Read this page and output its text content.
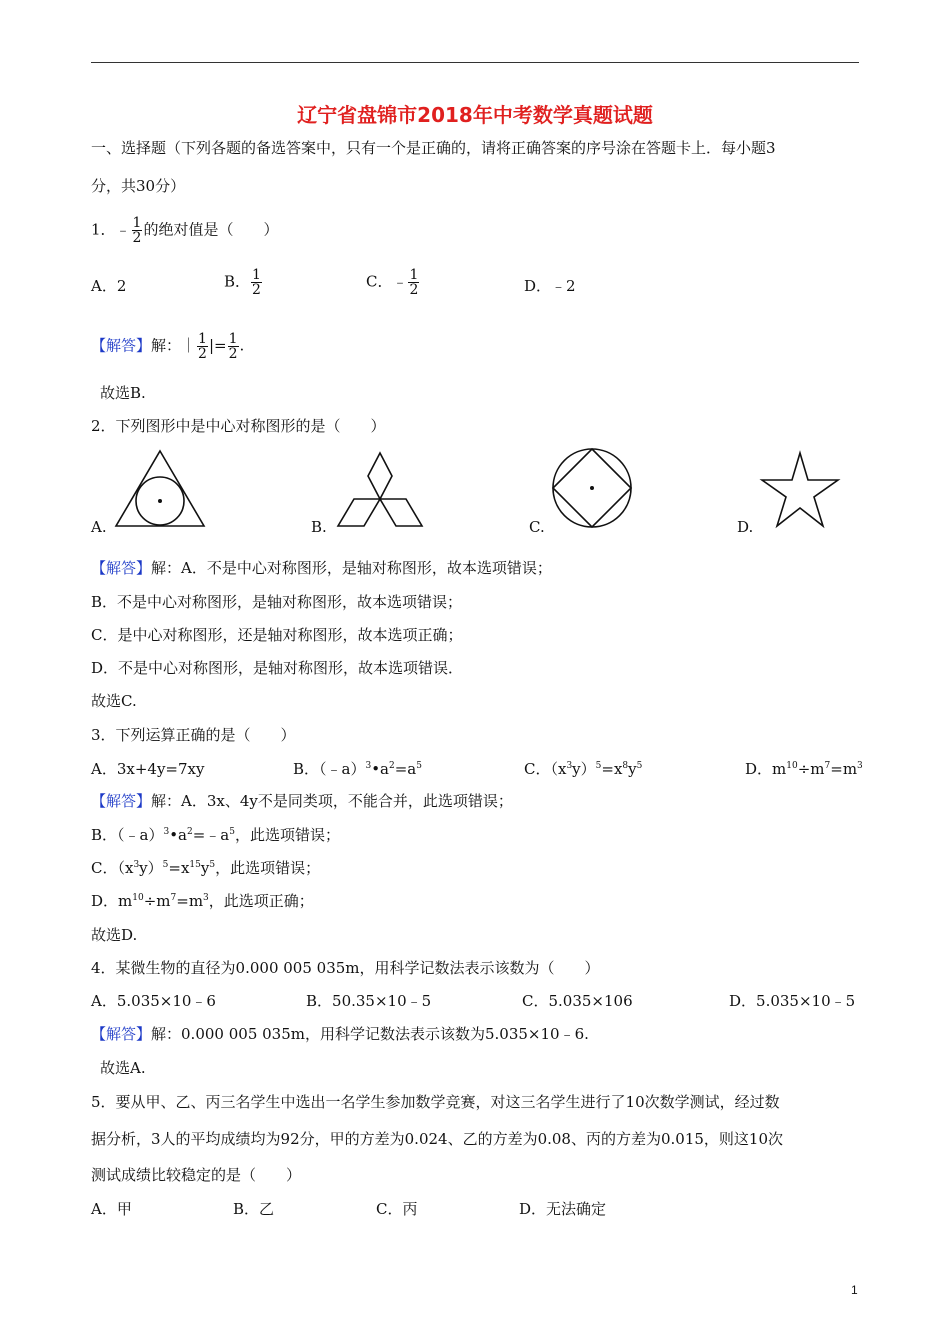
辽宁省盘锦市2018年中考数学真题试题
一、选择题（下列各题的备选答案中，只有一个是正确的，请将正确答案的序号涂在答题卡上．每小题3
分，共30分）
1．﹣ $\frac{1}{2}$ 的绝对值是（　　）
A．2	B． $\frac{1}{2}$	C．﹣ $\frac{1}{2}$	D．﹣2
【解答】解：｜ $\frac{1}{2}$ |= $\frac{1}{2}$ .
故选B.
2．下列图形中是中心对称图形的是（　　）
A.	B.	C.	D.
【解答】解：A．不是中心对称图形，是轴对称图形，故本选项错误；
B．不是中心对称图形，是轴对称图形，故本选项错误；
C．是中心对称图形，还是轴对称图形，故本选项正确；
D．不是中心对称图形，是轴对称图形，故本选项错误．
故选C.
3．下列运算正确的是（　　）
A．3x+4y=7xy	B．$(﹣a)^3•a^2=a^5$	C．$(x^3y)^5=x^8y^5$	D．$m^{10}\div m^7=m^3$
【解答】解：A．3x、4y不是同类项，不能合并，此选项错误；
B．$(﹣a)^3•a^2=﹣a^5$，此选项错误；
C．$(x^3y)^5=x^{15}y^5$，此选项错误；
D．$m^{10}\div m^7=m^3$，此选项正确；
故选D.
4．某微生物的直径为0.000 005 035m，用科学记数法表示该数为（　　）
A．5.035×10﹣6	B．50.35×10﹣5	C．5.035×106	D．5.035×10﹣5
【解答】解：0.000 005 035m，用科学记数法表示该数为5.035×10﹣6.
故选A.
5．要从甲、乙、丙三名学生中选出一名学生参加数学竞赛，对这三名学生进行了10次数学测试，经过数
据分析，3人的平均成绩均为92分，甲的方差为0.024、乙的方差为0.08、丙的方差为0.015，则这10次
测试成绩比较稳定的是（　　）
A．甲	B．乙	C．丙	D．无法确定
1
